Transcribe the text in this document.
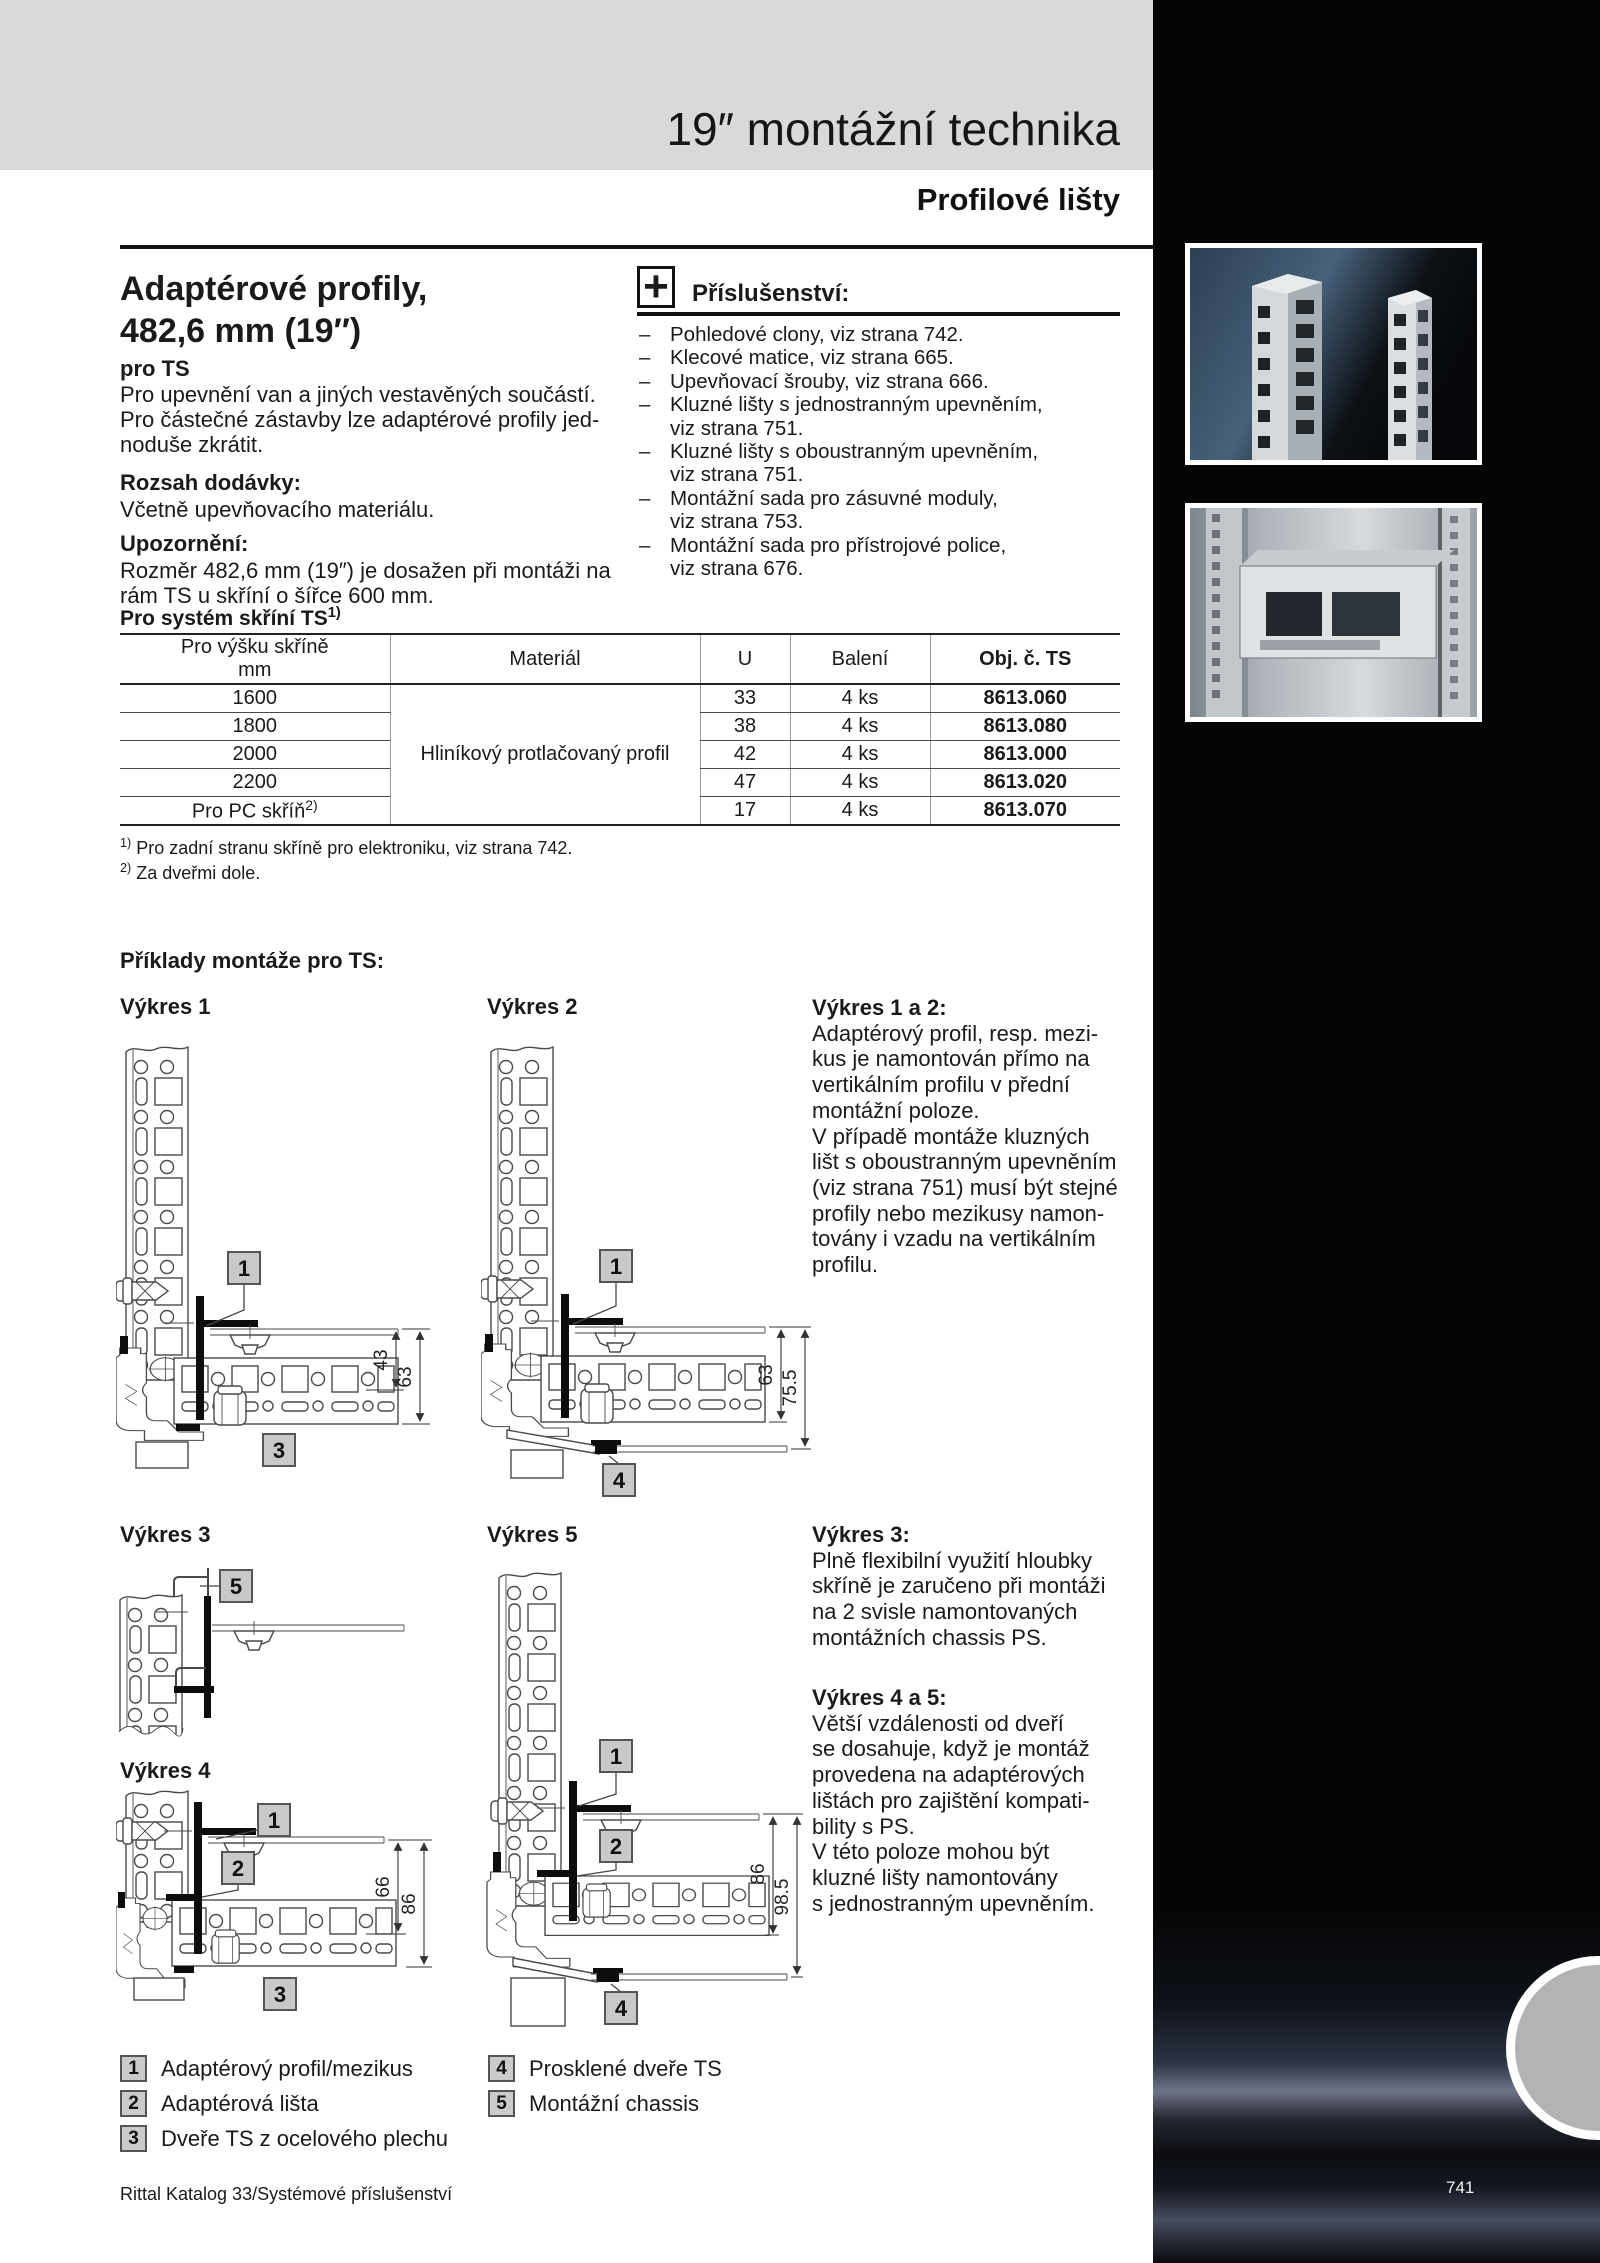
19″ montážní technika
Profilové lišty
741
Adaptérové profily,
482,6 mm (19″)
pro TS
Pro upevnění van a jiných vestavěných součástí.
Pro částečné zástavby lze adaptérové profily jed-
noduše zkrátit.
Rozsah dodávky:
Včetně upevňovacího materiálu.
Upozornění:
Rozměr 482,6 mm (19″) je dosažen při montáži na
rám TS u skříní o šířce 600 mm.
+ Příslušenství:
– Pohledové clony, viz strana 742.
– Klecové matice, viz strana 665.
– Upevňovací šrouby, viz strana 666.
– Kluzné lišty s jednostranným upevněním,
viz strana 751.
– Kluzné lišty s oboustranným upevněním,
viz strana 751.
– Montážní sada pro zásuvné moduly,
viz strana 753.
– Montážní sada pro přístrojové police,
viz strana 676.
Pro systém skříní TS$^{1)}$
Pro výšku skříně
mm	Materiál	U	Balení	Obj. č. TS
1600	Hliníkový protlačovaný profil	33	4 ks	8613.060
1800		38	4 ks	8613.080
2000		42	4 ks	8613.000
2200		47	4 ks	8613.020
Pro PC skříň$^{2)}$		17	4 ks	8613.070
$^{1)}$ Pro zadní stranu skříně pro elektroniku, viz strana 742.
$^{2)}$ Za dveřmi dole.
Příklady montáže pro TS:
Výkres 1	Výkres 2
Výkres 3	Výkres 5
Výkres 4
1
3
43
63
1
4
63 75.5
5
1
2
3
66
86
1
2
4
86
98.5
Výkres 1 a 2:
Adaptérový profil, resp. mezi-
kus je namontován přímo na
vertikálním profilu v přední
montážní poloze.
V případě montáže kluzných
lišt s oboustranným upevněním
(viz strana 751) musí být stejné
profily nebo mezikusy namon-
továny i vzadu na vertikálním
profilu.
Výkres 3:
Plně flexibilní využití hloubky
skříně je zaručeno při montáži
na 2 svisle namontovaných
montážních chassis PS.
Výkres 4 a 5:
Větší vzdálenosti od dveří
se dosahuje, když je montáž
provedena na adaptérových
lištách pro zajištění kompati-
bility s PS.
V této poloze mohou být
kluzné lišty namontovány
s jednostranným upevněním.
1	Adaptérový profil/mezikus
2	Adaptérová lišta
3	Dveře TS z ocelového plechu
4	Prosklené dveře TS
5	Montážní chassis
Rittal Katalog 33/Systémové příslušenství
